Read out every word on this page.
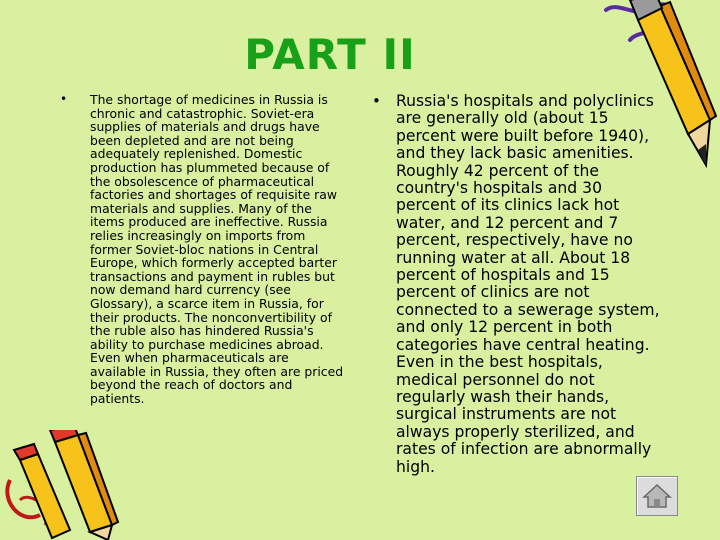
PART II
•	The shortage of medicines in Russia is chronic and catastrophic. Soviet-era supplies of materials and drugs have been depleted and are not being adequately replenished. Domestic production has plummeted because of the obsolescence of pharmaceutical factories and shortages of requisite raw materials and supplies. Many of the items produced are ineffective. Russia relies increasingly on imports from former Soviet-bloc nations in Central Europe, which formerly accepted barter transactions and payment in rubles but now demand hard currency (see Glossary), a scarce item in Russia, for their products. The nonconvertibility of the ruble also has hindered Russia's ability to purchase medicines abroad. Even when pharmaceuticals are available in Russia, they often are priced beyond the reach of doctors and patients.
• Russia's hospitals and polyclinics are generally old (about 15 percent were built before 1940), and they lack basic amenities. Roughly 42 percent of the country's hospitals and 30 percent of its clinics lack hot water, and 12 percent and 7 percent, respectively, have no running water at all. About 18 percent of hospitals and 15 percent of clinics are not connected to a sewerage system, and only 12 percent in both categories have central heating. Even in the best hospitals, medical personnel do not regularly wash their hands, surgical instruments are not always properly sterilized, and rates of infection are abnormally high.
